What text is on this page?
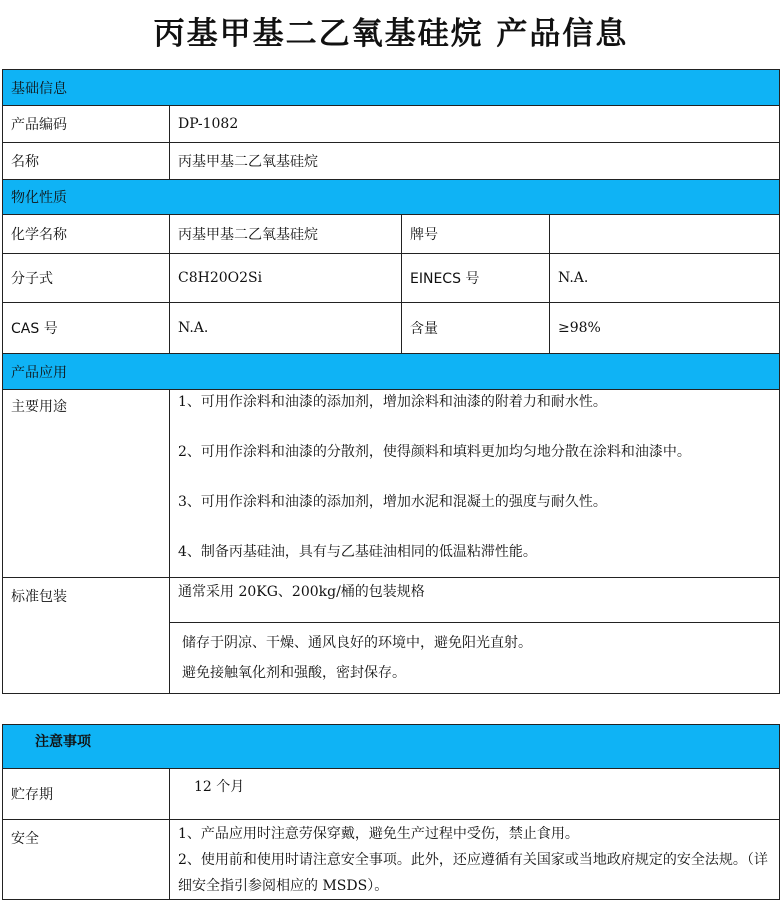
丙基甲基二乙氧基硅烷 产品信息
基础信息			
产品编码	DP-1082		
名称	丙基甲基二乙氧基硅烷		
物化性质			
化学名称	丙基甲基二乙氧基硅烷	牌号	
分子式	C8H20O2Si	EINECS 号	N.A.
CAS 号	N.A.	含量	≥98%
产品应用			
主要用途	1、可用作涂料和油漆的添加剂，增加涂料和油漆的附着力和耐水性。

2、可用作涂料和油漆的分散剂，使得颜料和填料更加均匀地分散在涂料和油漆中。

3、可用作涂料和油漆的添加剂，增加水泥和混凝土的强度与耐久性。

4、制备丙基硅油，具有与乙基硅油相同的低温粘滞性能。		

标准包装	通常采用 20KG、200kg/桶的包装规格		

	储存于阴凉、干燥、通风良好的环境中，避免阳光直射。
避免接触氧化剂和强酸，密封保存。		
注意事项	
贮存期	12 个月
安全	1、产品应用时注意劳保穿戴，避免生产过程中受伤，禁止食用。
2、使用前和使用时请注意安全事项。此外，还应遵循有关国家或当地政府规定的安全法规。（详细安全指引参阅相应的 MSDS）。
